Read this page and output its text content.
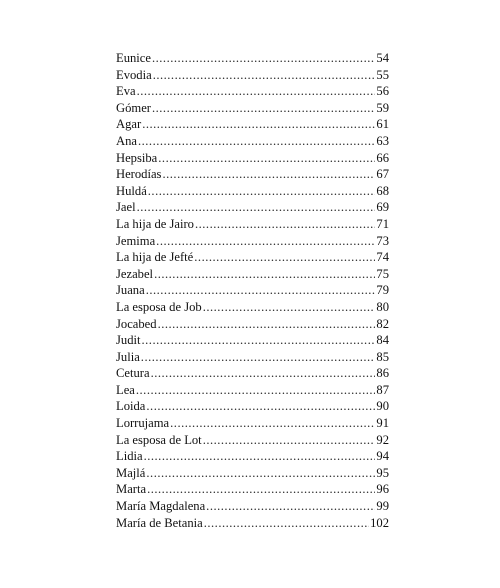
Eunice .....	54
Evodia .....	55
Eva .....	56
Gómer .....	59
Agar .....	61
Ana .....	63
Hepsiba .....	66
Herodías .....	67
Huldá .....	68
Jael .....	69
La hija de Jairo .....	71
Jemima .....	73
La hija de Jefté .....	74
Jezabel .....	75
Juana .....	79
La esposa de Job .....	80
Jocabed .....	82
Judit .....	84
Julia .....	85
Cetura .....	86
Lea .....	87
Loida .....	90
Lorrujama .....	91
La esposa de Lot .....	92
Lidia .....	94
Majlá .....	95
Marta .....	96
María Magdalena .....	99
María de Betania .....	102
